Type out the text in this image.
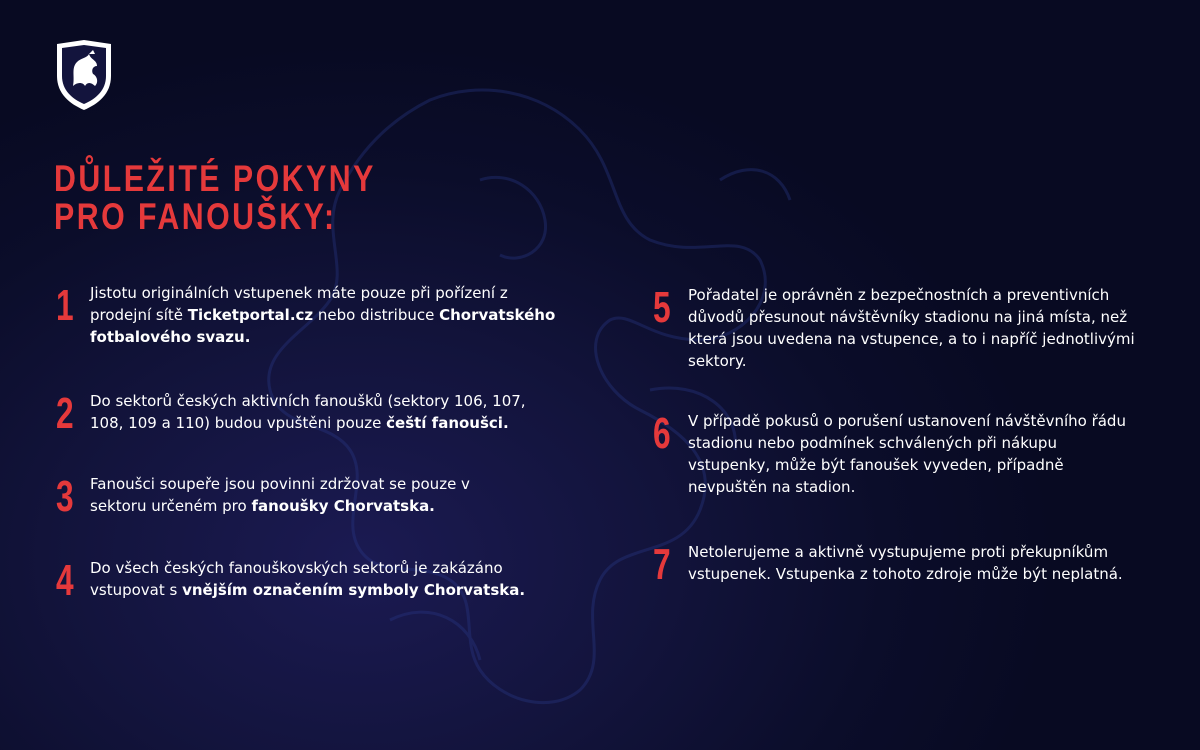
DŮLEŽITÉ POKYNY
PRO FANOUŠKY:
1 Jistotu originálních vstupenek máte pouze při pořízení z prodejní sítě Ticketportal.cz nebo distribuce Chorvatského fotbalového svazu.

2 Do sektorů českých aktivních fanoušků (sektory 106, 107, 108, 109 a 110) budou vpuštěni pouze čeští fanoušci.

3 Fanoušci soupeře jsou povinni zdržovat se pouze v sektoru určeném pro fanoušky Chorvatska.

4 Do všech českých fanouškovských sektorů je zakázáno vstupovat s vnějším označením symboly Chorvatska.

5 Pořadatel je oprávněn z bezpečnostních a preventivních důvodů přesunout návštěvníky stadionu na jiná místa, než která jsou uvedena na vstupence, a to i napříč jednotlivými sektory.

6 V případě pokusů o porušení ustanovení návštěvního řádu stadionu nebo podmínek schválených při nákupu vstupenky, může být fanoušek vyveden, případně nevpuštěn na stadion.

7 Netolerujeme a aktivně vystupujeme proti překupníkům vstupenek. Vstupenka z tohoto zdroje může být neplatná.
